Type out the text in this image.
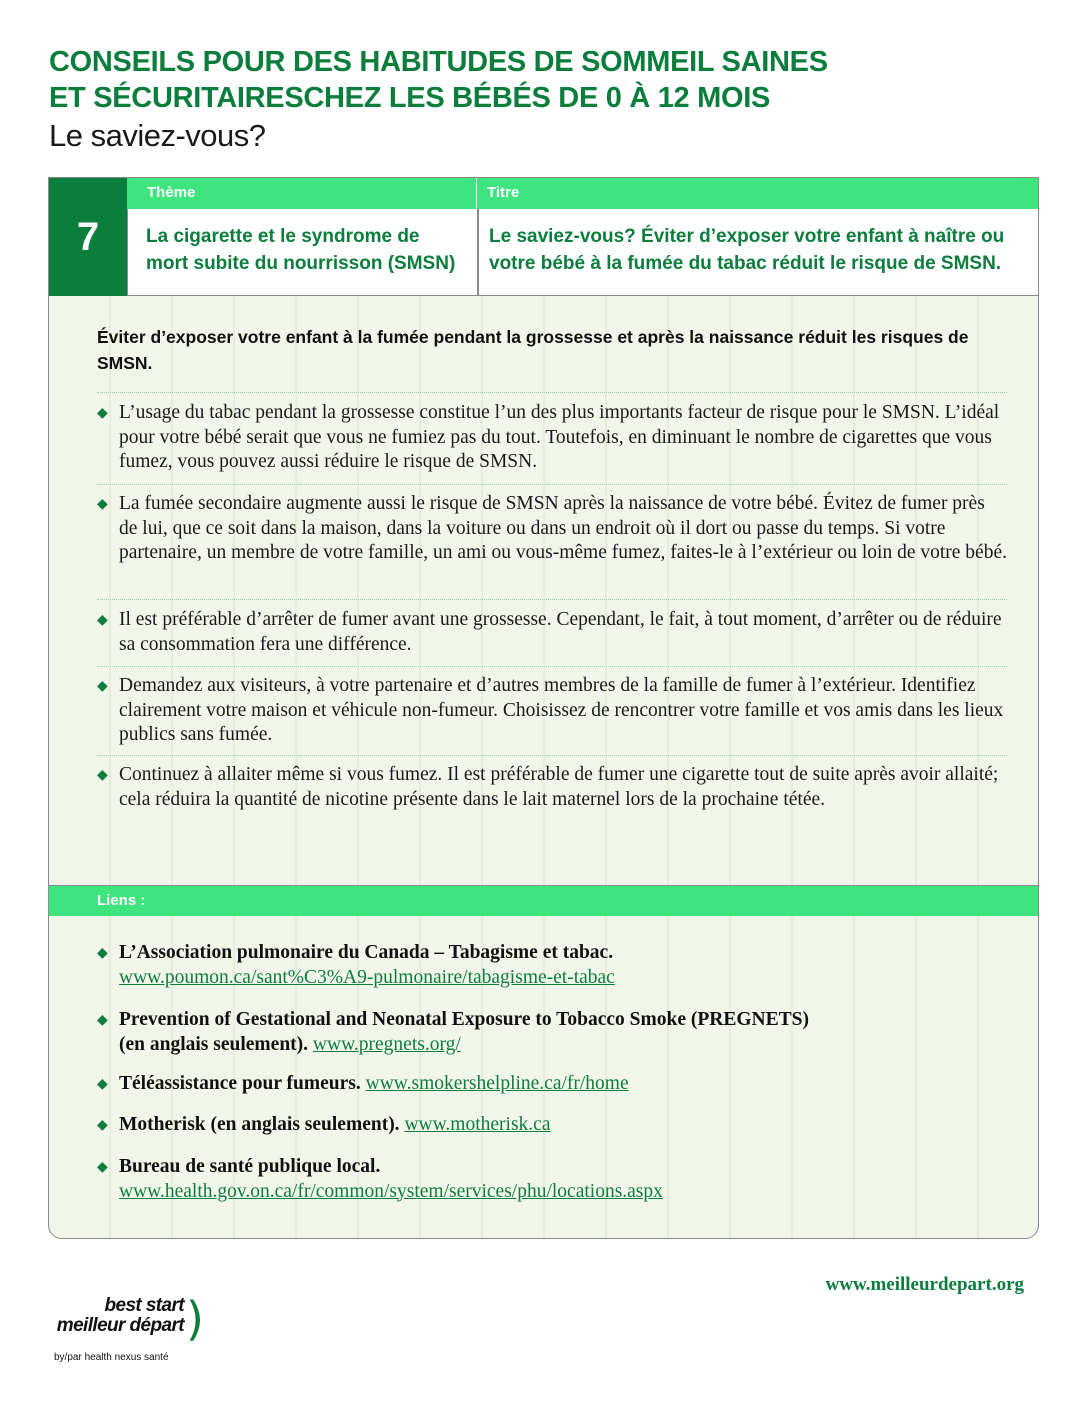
CONSEILS POUR DES HABITUDES DE SOMMEIL SAINES
ET SÉCURITAIRESCHEZ LES BÉBÉS DE 0 À 12 MOIS
Le saviez-vous?
7
Thème	Titre
La cigarette et le syndrome de mort subite du nourrisson (SMSN)
Le saviez-vous? Éviter d’exposer votre enfant à naître ou votre bébé à la fumée du tabac réduit le risque de SMSN.
Éviter d’exposer votre enfant à la fumée pendant la grossesse et après la naissance réduit les risques de SMSN.
◆ L’usage du tabac pendant la grossesse constitue l’un des plus importants facteur de risque pour le SMSN. L’idéal pour votre bébé serait que vous ne fumiez pas du tout. Toutefois, en diminuant le nombre de cigarettes que vous fumez, vous pouvez aussi réduire le risque de SMSN.
◆ La fumée secondaire augmente aussi le risque de SMSN après la naissance de votre bébé. Évitez de fumer près de lui, que ce soit dans la maison, dans la voiture ou dans un endroit où il dort ou passe du temps. Si votre partenaire, un membre de votre famille, un ami ou vous-même fumez, faites-le à l’extérieur ou loin de votre bébé.
◆ Il est préférable d’arrêter de fumer avant une grossesse. Cependant, le fait, à tout moment, d’arrêter ou de réduire sa consommation fera une différence.
◆ Demandez aux visiteurs, à votre partenaire et d’autres membres de la famille de fumer à l’extérieur. Identifiez clairement votre maison et véhicule non-fumeur. Choisissez de rencontrer votre famille et vos amis dans les lieux publics sans fumée.
◆ Continuez à allaiter même si vous fumez. Il est préférable de fumer une cigarette tout de suite après avoir allaité; cela réduira la quantité de nicotine présente dans le lait maternel lors de la prochaine tétée.
Liens :
◆ L’Association pulmonaire du Canada – Tabagisme et tabac.
www.poumon.ca/sant%C3%A9-pulmonaire/tabagisme-et-tabac
◆ Prevention of Gestational and Neonatal Exposure to Tobacco Smoke (PREGNETS)
(en anglais seulement). www.pregnets.org/
◆ Téléassistance pour fumeurs. www.smokershelpline.ca/fr/home
◆ Motherisk (en anglais seulement). www.motherisk.ca
◆ Bureau de santé publique local.
www.health.gov.on.ca/fr/common/system/services/phu/locations.aspx
best start
meilleur départ )
by/par health nexus santé
www.meilleurdepart.org
